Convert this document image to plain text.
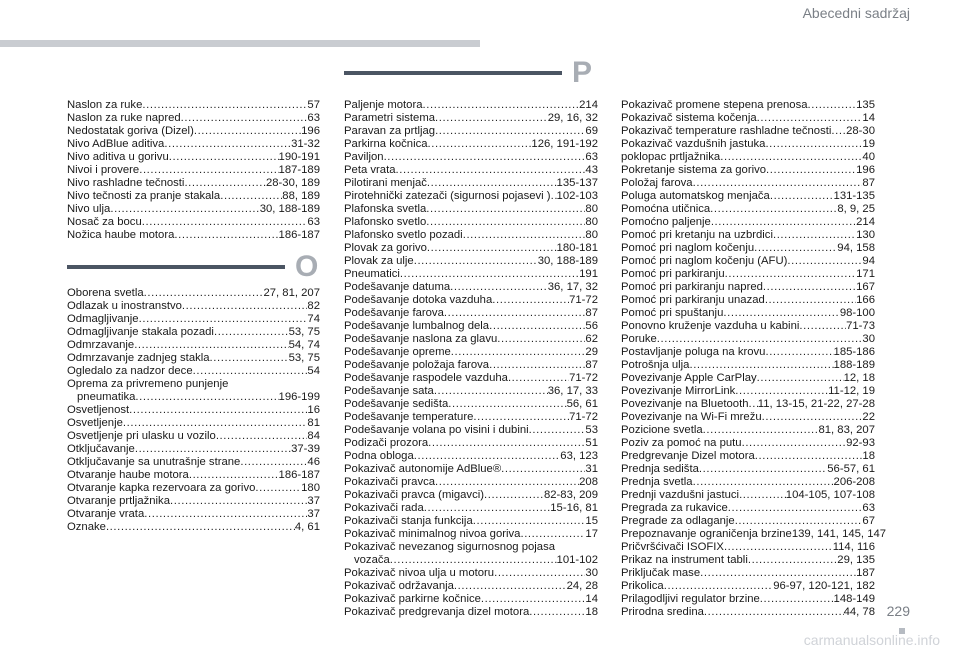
Abecedni sadržaj
Naslon za ruke .....	57
Naslon za ruke napred .....	63
Nedostatak goriva (Dizel) .....	196
Nivo AdBlue aditiva .....	31-32
Nivo aditiva u gorivu .....	190-191
Nivoi i provere .....	187-189
Nivo rashladne tečnosti .....	28-30, 189
Nivo tečnosti za pranje stakala .....	88, 189
Nivo ulja .....	30, 188-189
Nosač za bocu .....	63
Nožica haube motora .....	186-187
O
Oborena svetla .....	27, 81, 207
Odlazak u inostranstvo .....	82
Odmagljivanje .....	74
Odmagljivanje stakala pozadi .....	53, 75
Odmrzavanje .....	54, 74
Odmrzavanje zadnjeg stakla .....	53, 75
Ogledalo za nadzor dece .....	54
Oprema za privremeno punjenje
pneumatika .....	196-199
Osvetljenost .....	16
Osvetljenje .....	81
Osvetljenje pri ulasku u vozilo .....	84
Otključavanje .....	37-39
Otključavanje sa unutrašnje strane .....	46
Otvaranje haube motora .....	186-187
Otvaranje kapka rezervoara za gorivo .....	180
Otvaranje prtljažnika .....	37
Otvaranje vrata .....	37
Oznake .....	4, 61
P
Paljenje motora .....	214
Parametri sistema .....	29, 16, 32
Paravan za prtljag .....	69
Parkirna kočnica .....	126, 191-192
Paviljon .....	63
Peta vrata .....	43
Pilotirani menjač .....	135-137
Pirotehnički zatezači (sigurnosi pojasevi ) ..... 102-103
Plafonska svetla .....	80
Plafonsko svetlo .....	80
Plafonsko svetlo pozadi .....	80
Plovak za gorivo .....	180-181
Plovak za ulje .....	30, 188-189
Pneumatici .....	191
Podešavanje datuma .....	36, 17, 32
Podešavanje dotoka vazduha .....	71-72
Podešavanje farova .....	87
Podešavanje lumbalnog dela .....	56
Podešavanje naslona za glavu .....	62
Podešavanje opreme .....	29
Podešavanje položaja farova .....	87
Podešavanje raspodele vazduha .....	71-72
Podešavanje sata .....	36, 17, 33
Podešavanje sedišta .....	56, 61
Podešavanje temperature .....	71-72
Podešavanje volana po visini i dubini .....	53
Podizači prozora .....	51
Podna obloga .....	63, 123
Pokazivač autonomije AdBlue® .....	31
Pokazivači pravca .....	208
Pokazivači pravca (migavci) .....	82-83, 209
Pokazivači rada .....	15-16, 81
Pokazivači stanja funkcija .....	15
Pokazivač minimalnog nivoa goriva .....	17
Pokazivač nevezanog sigurnosnog pojasa
vozača .....	101-102
Pokazivač nivoa ulja u motoru .....	30
Pokazivač održavanja .....	24, 28
Pokazivač parkirne kočnice .....	14
Pokazivač predgrevanja dizel motora .....	18
Pokazivač promene stepena prenosa .....	135
Pokazivač sistema kočenja .....	14
Pokazivač temperature rashladne tečnosti ..... 28-30
Pokazivač vazdušnih jastuka .....	19
poklopac prtljažnika .....	40
Pokretanje sistema za gorivo .....	196
Položaj farova .....	87
Poluga automatskog menjača .....	131-135
Pomoćna utičnica .....	8, 9, 25
Pomoćno paljenje .....	214
Pomoć pri kretanju na uzbrdici .....	130
Pomoć pri naglom kočenju .....	94, 158
Pomoć pri naglom kočenju (AFU) .....	94
Pomoć pri parkiranju .....	171
Pomoć pri parkiranju napred .....	167
Pomoć pri parkiranju unazad .....	166
Pomoć pri spuštanju .....	98-100
Ponovno kruženje vazduha u kabini .....	71-73
Poruke .....	30
Postavljanje poluga na krovu .....	185-186
Potrošnja ulja .....	188-189
Povezivanje Apple CarPlay .....	12, 18
Povezivanje MirrorLink .....	11-12, 19
Povezivanje na Bluetooth ..... 11, 13-15, 21-22, 27-28
Povezivanje na Wi-Fi mrežu .....	22
Pozicione svetla .....	81, 83, 207
Poziv za pomoć na putu .....	92-93
Predgrevanje Dizel motora .....	18
Prednja sedišta .....	56-57, 61
Prednja svetla .....	206-208
Prednji vazdušni jastuci .....	104-105, 107-108
Pregrada za rukavice .....	63
Pregrade za odlaganje .....	67
Prepoznavanje ograničenja brzine 139, 141, 145, 147
Pričvršćivači ISOFIX .....	114, 116
Prikaz na instrument tabli .....	29, 135
Priključak mase .....	187
Prikolica .....	96-97, 120-121, 182
Prilagodljivi regulator brzine .....	148-149
Prirodna sredina .....	44, 78 229
carmanualsonline.info
